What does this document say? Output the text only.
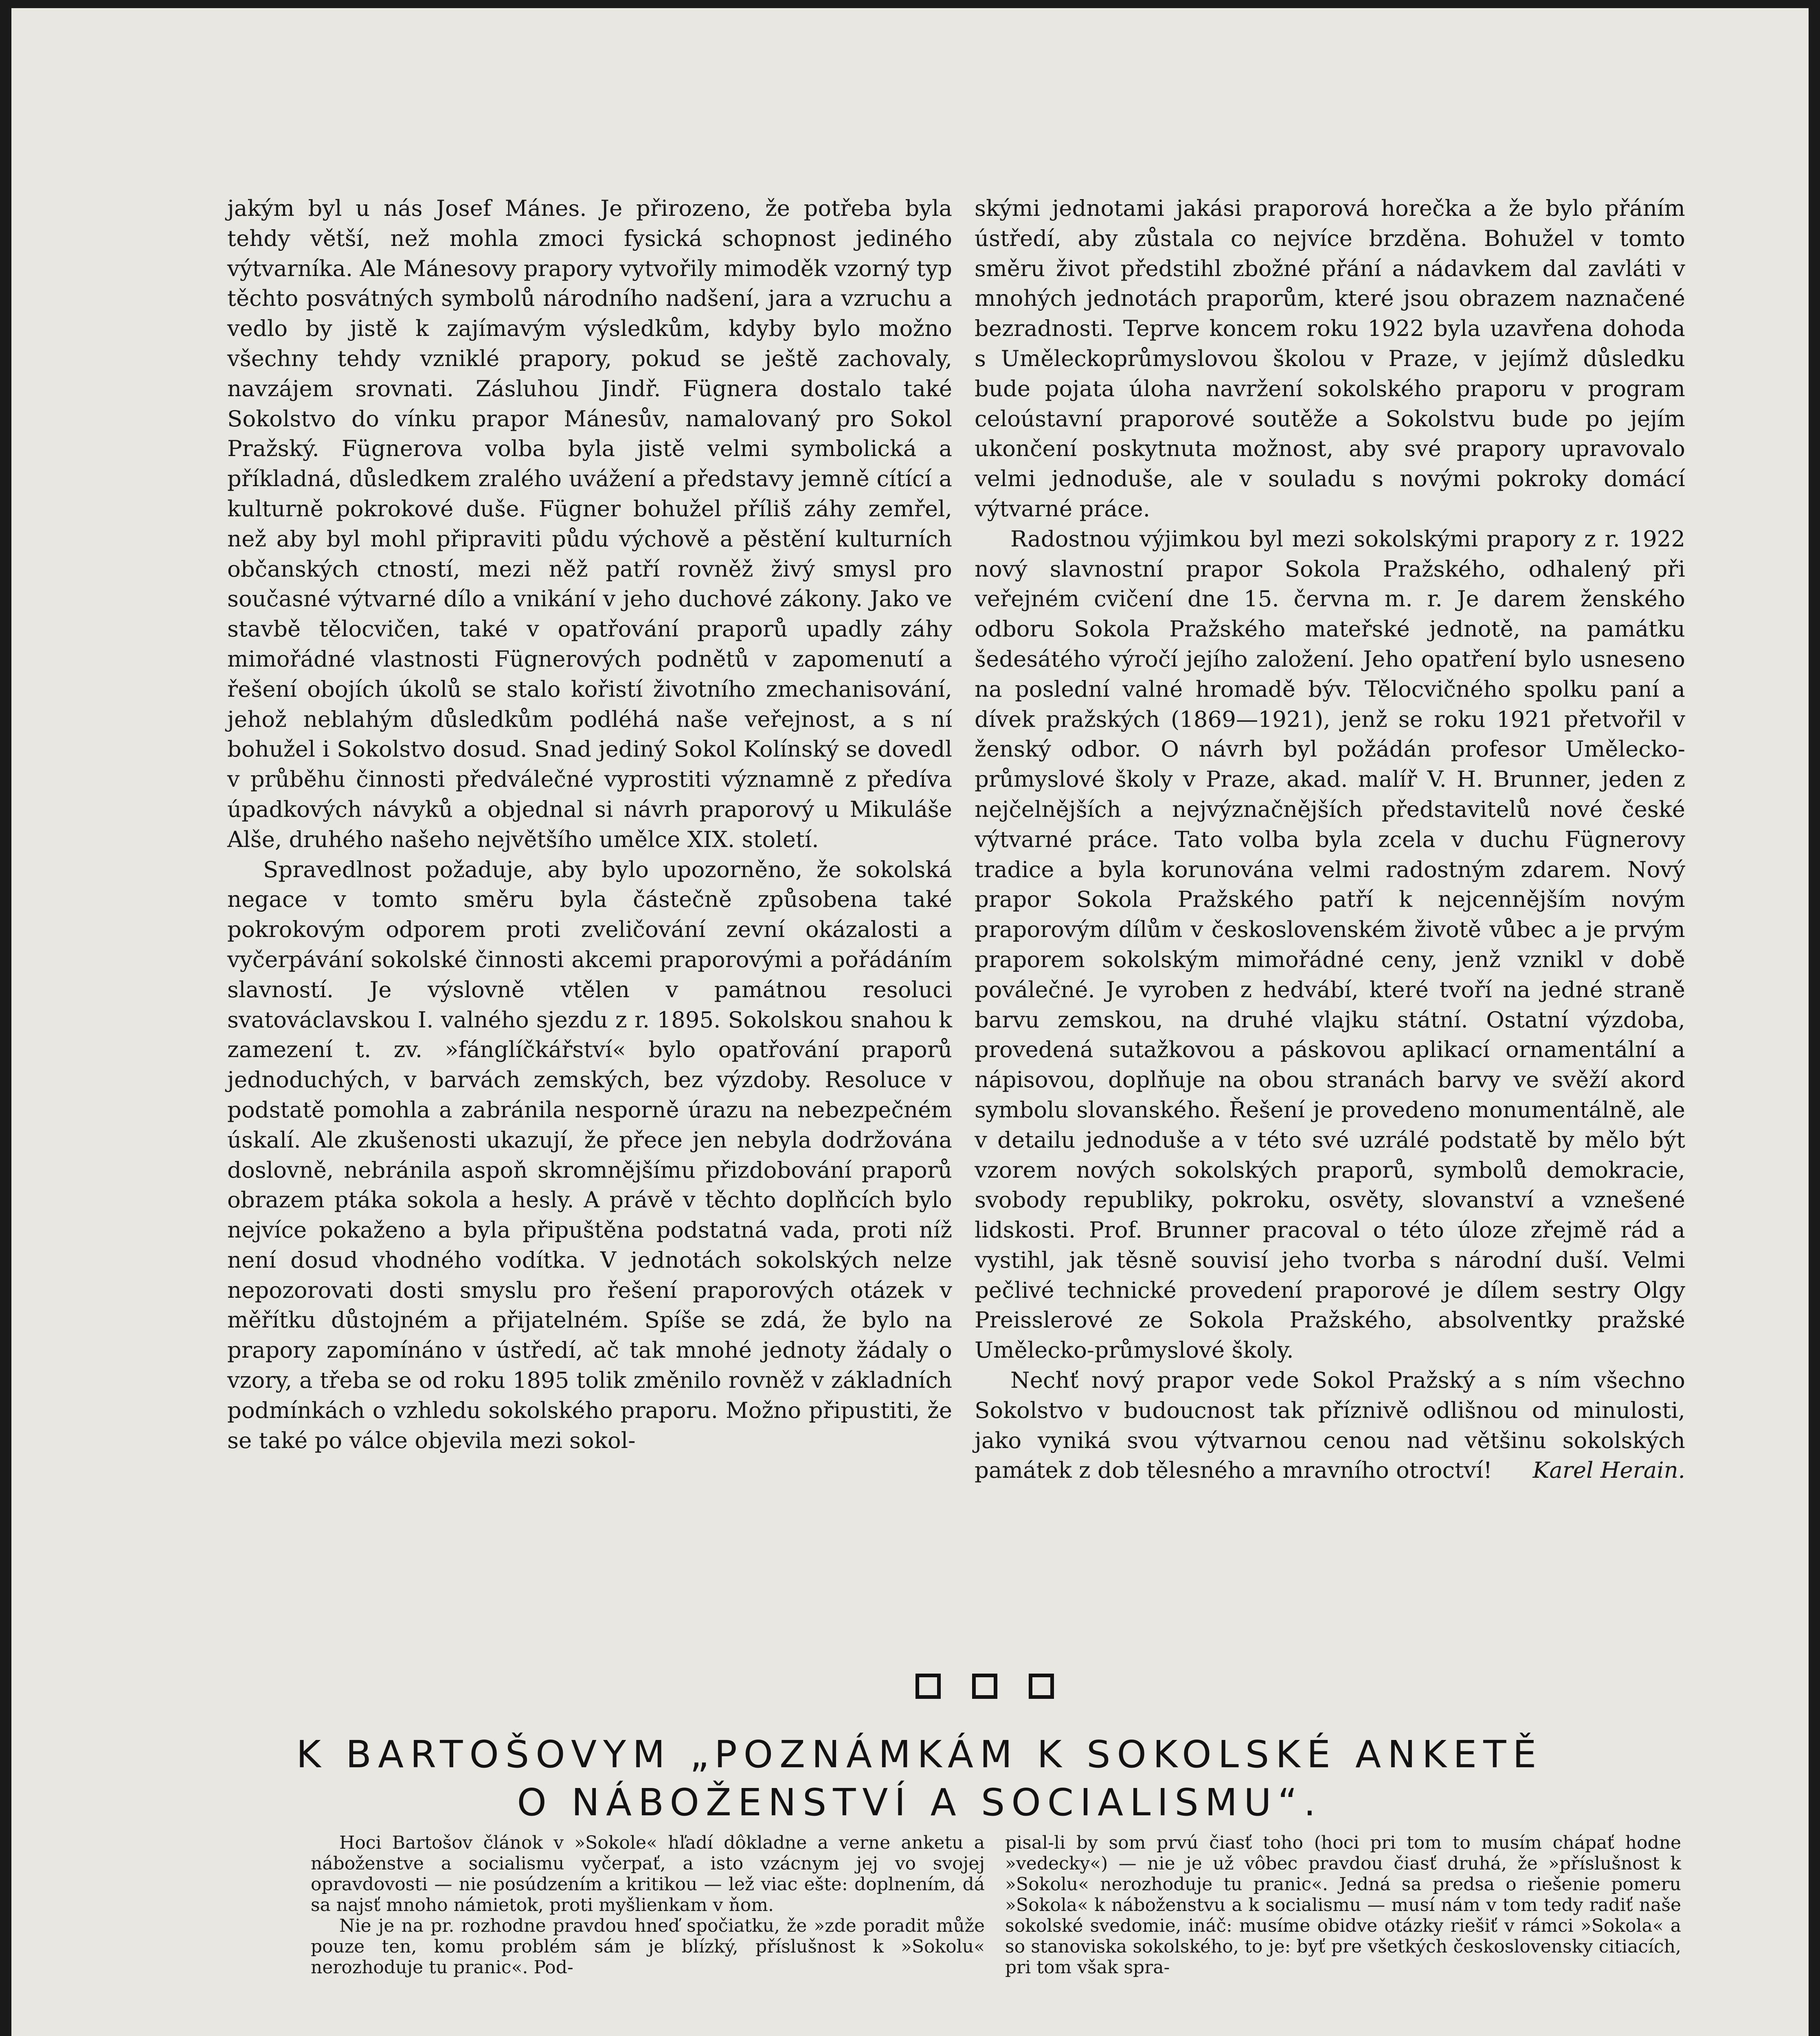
jakým byl u nás Josef Mánes. Je přirozeno, že potřeba byla tehdy větší, než mohla zmoci fysická schopnost jediného výtvarníka. Ale Mánesovy prapory vytvořily mimoděk vzorný typ těchto posvátných symbolů národního nadšení, jara a vzruchu a vedlo by jistě k zajímavým výsledkům, kdyby bylo možno všechny tehdy vzniklé prapory, pokud se ještě zachovaly, navzájem srovnati. Zásluhou Jindř. Fügnera dostalo také Sokolstvo do vínku prapor Mánesův, namalovaný pro Sokol Pražský. Fügnerova volba byla jistě velmi symbolická a příkladná, důsledkem zralého uvážení a představy jemně cítící a kulturně pokrokové duše. Fügner bohužel příliš záhy zemřel, než aby byl mohl připraviti půdu výchově a pěstění kulturních občanských ctností, mezi něž patří rovněž živý smysl pro současné výtvarné dílo a vnikání v jeho duchové zákony. Jako ve stavbě tělocvičen, také v opatřování praporů upadly záhy mimořádné vlastnosti Fügnerových podnětů v zapomenutí a řešení obojích úkolů se stalo kořistí životního zmechanisování, jehož neblahým důsledkům podléhá naše veřejnost, a s ní bohužel i Sokolstvo dosud. Snad jediný Sokol Kolínský se dovedl v průběhu činnosti předválečné vyprostiti významně z předíva úpadkových návyků a objednal si návrh praporový u Mikuláše Alše, druhého našeho největšího umělce XIX. století.

Spravedlnost požaduje, aby bylo upozorněno, že sokolská negace v tomto směru byla částečně způsobena také pokrokovým odporem proti zveličování zevní okázalosti a vyčerpávání sokolské činnosti akcemi praporovými a pořádáním slavností. Je výslovně vtělen v památnou resoluci svatováclavskou I. valného sjezdu z r. 1895. Sokolskou snahou k zamezení t. zv. »fánglíčkářství« bylo opatřování praporů jednoduchých, v barvách zemských, bez výzdoby. Resoluce v podstatě pomohla a zabránila nesporně úrazu na nebezpečném úskalí. Ale zkušenosti ukazují, že přece jen nebyla dodržována doslovně, nebránila aspoň skromnějšímu přizdobování praporů obrazem ptáka sokola a hesly. A právě v těchto doplňcích bylo nejvíce pokaženo a byla připuštěna podstatná vada, proti níž není dosud vhodného vodítka. V jednotách sokolských nelze nepozorovati dosti smyslu pro řešení praporových otázek v měřítku důstojném a přijatelném. Spíše se zdá, že bylo na prapory zapomínáno v ústředí, ač tak mnohé jednoty žádaly o vzory, a třeba se od roku 1895 tolik změnilo rovněž v základních podmínkách o vzhledu sokolského praporu. Možno připustiti, že se také po válce objevila mezi sokol-

skými jednotami jakási praporová horečka a že bylo přáním ústředí, aby zůstala co nejvíce brzděna. Bohužel v tomto směru život předstihl zbožné přání a nádavkem dal zavláti v mnohých jednotách praporům, které jsou obrazem naznačené bezradnosti. Teprve koncem roku 1922 byla uzavřena dohoda s Uměleckoprůmyslovou školou v Praze, v jejímž důsledku bude pojata úloha navržení sokolského praporu v program celoústavní praporové soutěže a Sokolstvu bude po jejím ukončení poskytnuta možnost, aby své prapory upravovalo velmi jednoduše, ale v souladu s novými pokroky domácí výtvarné práce.

Radostnou výjimkou byl mezi sokolskými prapory z r. 1922 nový slavnostní prapor Sokola Pražského, odhalený při veřejném cvičení dne 15. června m. r. Je darem ženského odboru Sokola Pražského mateřské jednotě, na památku šedesátého výročí jejího založení. Jeho opatření bylo usneseno na poslední valné hromadě býv. Tělocvičného spolku paní a dívek pražských (1869—1921), jenž se roku 1921 přetvořil v ženský odbor. O návrh byl požádán profesor Umělecko-průmyslové školy v Praze, akad. malíř V. H. Brunner, jeden z nejčelnějších a nejvýznačnějších představitelů nové české výtvarné práce. Tato volba byla zcela v duchu Fügnerovy tradice a byla korunována velmi radostným zdarem. Nový prapor Sokola Pražského patří k nejcennějším novým praporovým dílům v československém životě vůbec a je prvým praporem sokolským mimořádné ceny, jenž vznikl v době poválečné. Je vyroben z hedvábí, které tvoří na jedné straně barvu zemskou, na druhé vlajku státní. Ostatní výzdoba, provedená sutažkovou a páskovou aplikací ornamentální a nápisovou, doplňuje na obou stranách barvy ve svěží akord symbolu slovanského. Řešení je provedeno monumentálně, ale v detailu jednoduše a v této své uzrálé podstatě by mělo být vzorem nových sokolských praporů, symbolů demokracie, svobody republiky, pokroku, osvěty, slovanství a vznešené lidskosti. Prof. Brunner pracoval o této úloze zřejmě rád a vystihl, jak těsně souvisí jeho tvorba s národní duší. Velmi pečlivé technické provedení praporové je dílem sestry Olgy Preisslerové ze Sokola Pražského, absolventky pražské Umělecko-průmyslové školy.

Nechť nový prapor vede Sokol Pražský a s ním všechno Sokolstvo v budoucnost tak příznivě odlišnou od minulosti, jako vyniká svou výtvarnou cenou nad většinu sokolských památek z dob tělesného a mravního otroctví!	Karel Herain.

K BARTOŠOVYM „POZNÁMKÁM K SOKOLSKÉ ANKETĚ
O NÁBOŽENSTVÍ A SOCIALISMU“.

Hoci Bartošov článok v »Sokole« hľadí dôkladne a verne anketu a náboženstve a socialismu vyčerpať, a isto vzácnym jej vo svojej opravdovosti — nie posúdzením a kritikou — lež viac ešte: doplnením, dá sa najsť mnoho námietok, proti myšlienkam v ňom.

Nie je na pr. rozhodne pravdou hneď spočiatku, že »zde poradit může pouze ten, komu problém sám je blízký, příslušnost k »Sokolu« nerozhoduje tu pranic«. Pod-

pisal-li by som prvú čiasť toho (hoci pri tom to musím chápať hodne »vedecky«) — nie je už vôbec pravdou čiasť druhá, že »příslušnost k »Sokolu« nerozhoduje tu pranic«. Jedná sa predsa o riešenie pomeru »Sokola« k náboženstvu a k socialismu — musí nám v tom tedy radiť naše sokolské svedomie, ináč: musíme obidve otázky riešiť v rámci »Sokola« a so stanoviska sokolského, to je: byť pre všetkých československy citiacích, pri tom však spra-
